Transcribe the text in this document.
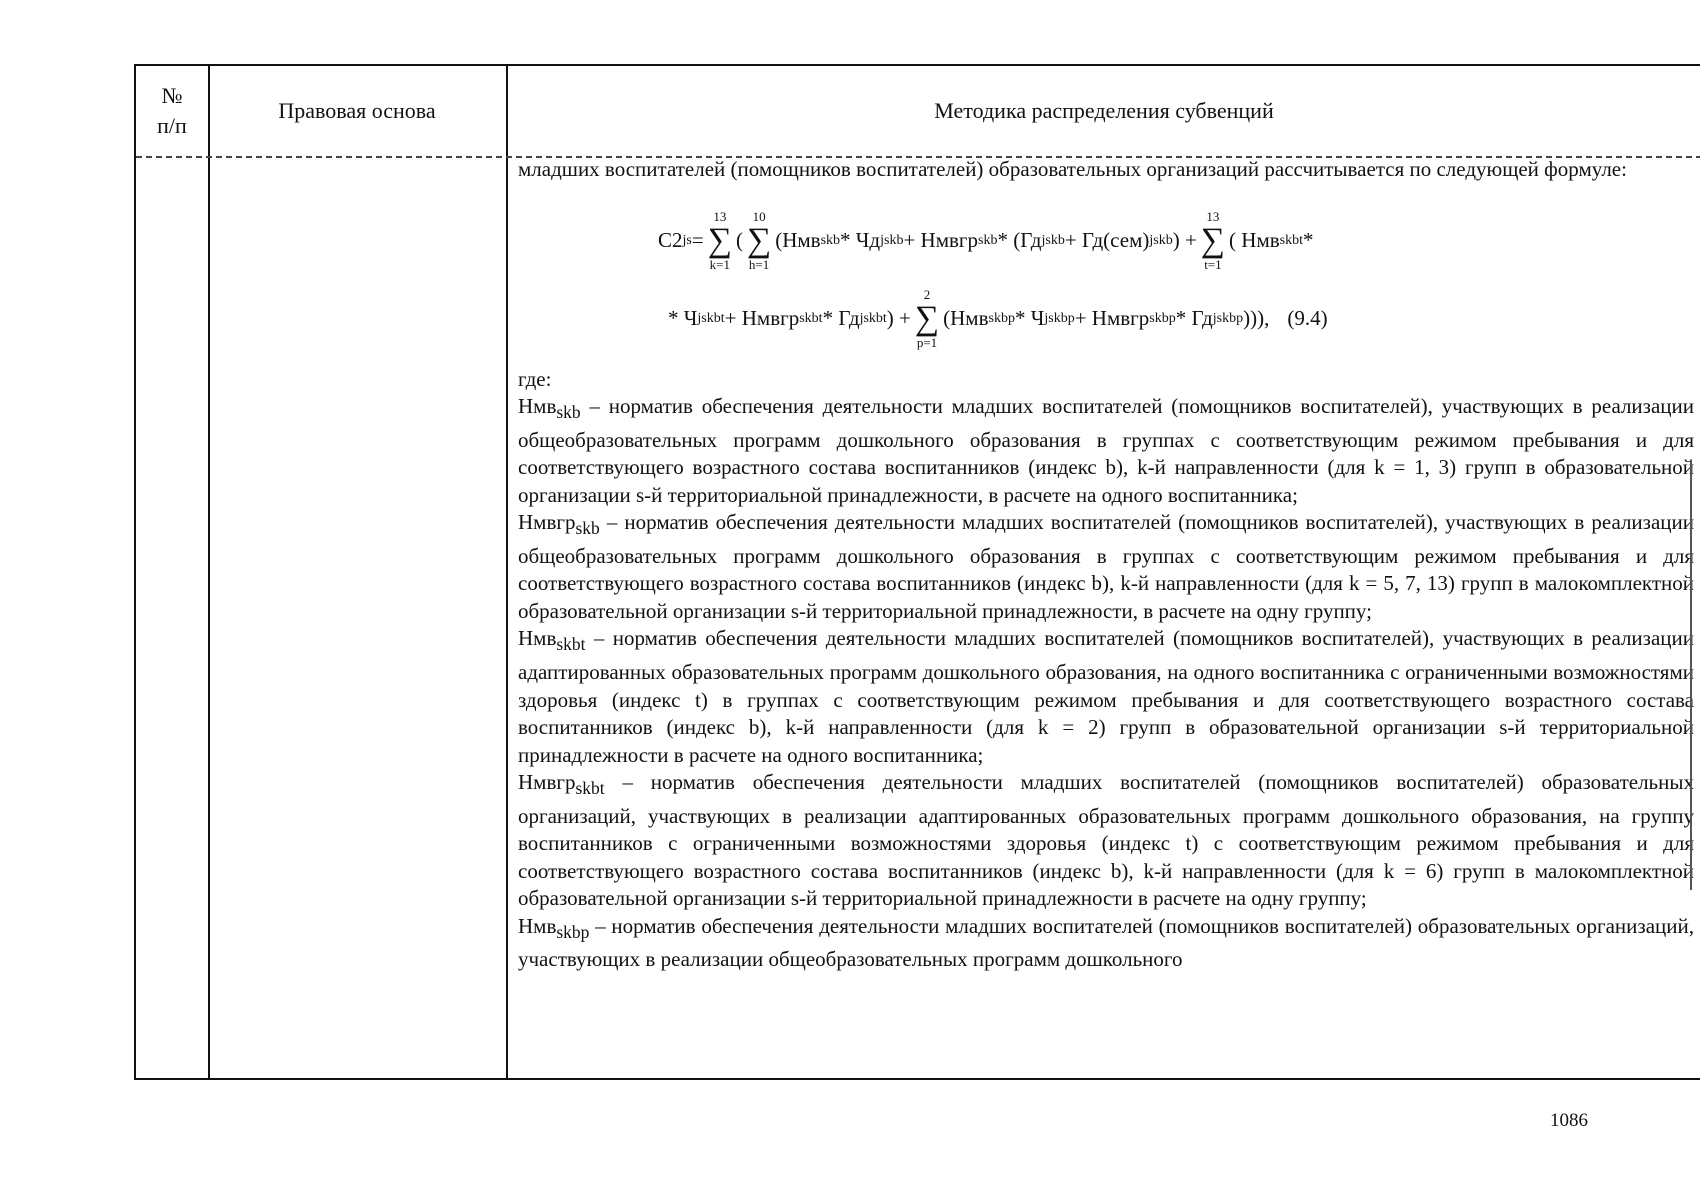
№
п/п
Правовая основа	Методика распределения субвенций

младших воспитателей (помощников воспитателей) образовательных организаций рассчитывается по следующей формуле:

C2 js =
13
∑
k=1
(
10
∑
h=1
(Нмв skb * Чд jskb + Нмвгр skb * (Гд jskb + Гд(сем) jskb ) +
13
∑
t=1
( Нмв skbt *
* Ч jskbt + Нмвгр skbt * Гд jskbt ) +
2
∑
p=1
(Нмв skbp * Ч jskbp + Нмвгр skbp * Гд jskbp ))), (9.4)

где:

Нмв$_{skb}$ – норматив обеспечения деятельности младших воспитателей (помощников воспитателей), участвующих в реализации общеобразовательных программ дошкольного образования в группах с соответствующим режимом пребывания и для соответствующего возрастного состава воспитанников (индекс b), k-й направленности (для k = 1, 3) групп в образовательной организации s-й территориальной принадлежности, в расчете на одного воспитанника;

Нмвгр$_{skb}$ – норматив обеспечения деятельности младших воспитателей (помощников воспитателей), участвующих в реализации общеобразовательных программ дошкольного образования в группах с соответствующим режимом пребывания и для соответствующего возрастного состава воспитанников (индекс b), k-й направленности (для k = 5, 7, 13) групп в малокомплектной образовательной организации s-й территориальной принадлежности, в расчете на одну группу;

Нмв$_{skbt}$ – норматив обеспечения деятельности младших воспитателей (помощников воспитателей), участвующих в реализации адаптированных образовательных программ дошкольного образования, на одного воспитанника с ограниченными возможностями здоровья (индекс t) в группах с соответствующим режимом пребывания и для соответствующего возрастного состава воспитанников (индекс b), k-й направленности (для k = 2) групп в образовательной организации s-й территориальной принадлежности в расчете на одного воспитанника;

Нмвгр$_{skbt}$ – норматив обеспечения деятельности младших воспитателей (помощников воспитателей) образовательных организаций, участвующих в реализации адаптированных образовательных программ дошкольного образования, на группу воспитанников с ограниченными возможностями здоровья (индекс t) с соответствующим режимом пребывания и для соответствующего возрастного состава воспитанников (индекс b), k-й направленности (для k = 6) групп в малокомплектной образовательной организации s-й территориальной принадлежности в расчете на одну группу;

Нмв$_{skbp}$ – норматив обеспечения деятельности младших воспитателей (помощников воспитателей) образовательных организаций, участвующих в реализации общеобразовательных программ дошкольного

1086
